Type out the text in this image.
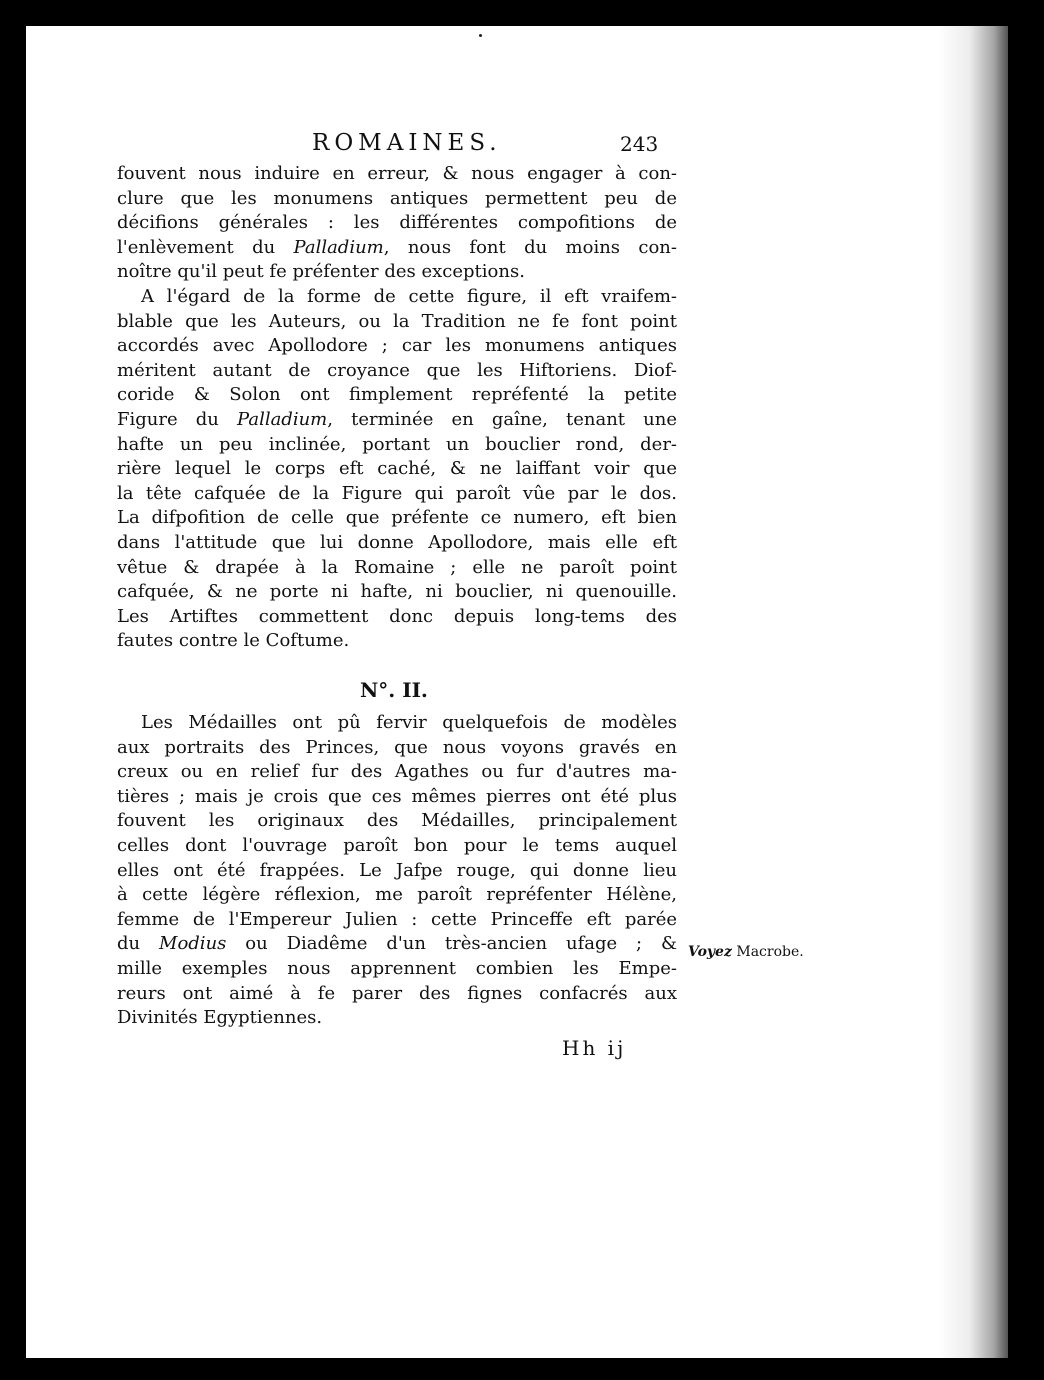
ROMAINES.	243
fouvent nous induire en erreur, & nous engager à con-
clure que les monumens antiques permettent peu de
décifions générales : les différentes compofitions de
l'enlèvement du Palladium, nous font du moins con-
noître qu'il peut fe préfenter des exceptions.
A l'égard de la forme de cette figure, il eft vraifem-
blable que les Auteurs, ou la Tradition ne fe font point
accordés avec Apollodore ; car les monumens antiques
méritent autant de croyance que les Hiftoriens. Diof-
coride & Solon ont fimplement repréfenté la petite
Figure du Palladium, terminée en gaîne, tenant une
hafte un peu inclinée, portant un bouclier rond, der-
rière lequel le corps eft caché, & ne laiffant voir que
la tête cafquée de la Figure qui paroît vûe par le dos.
La difpofition de celle que préfente ce numero, eft bien
dans l'attitude que lui donne Apollodore, mais elle eft
vêtue & drapée à la Romaine ; elle ne paroît point
cafquée, & ne porte ni hafte, ni bouclier, ni quenouille.
Les Artiftes commettent donc depuis long-tems des
fautes contre le Coftume.
N°. II.
Les Médailles ont pû fervir quelquefois de modèles
aux portraits des Princes, que nous voyons gravés en
creux ou en relief fur des Agathes ou fur d'autres ma-
tières ; mais je crois que ces mêmes pierres ont été plus
fouvent les originaux des Médailles, principalement
celles dont l'ouvrage paroît bon pour le tems auquel
elles ont été frappées. Le Jafpe rouge, qui donne lieu
à cette légère réflexion, me paroît repréfenter Hélène,
femme de l'Empereur Julien : cette Princeffe eft parée
du Modius ou Diadême d'un très-ancien ufage ; &
mille exemples nous apprennent combien les Empe-
reurs ont aimé à fe parer des fignes confacrés aux
Divinités Egyptiennes.
Voyez Macrobe.
Hh ij
